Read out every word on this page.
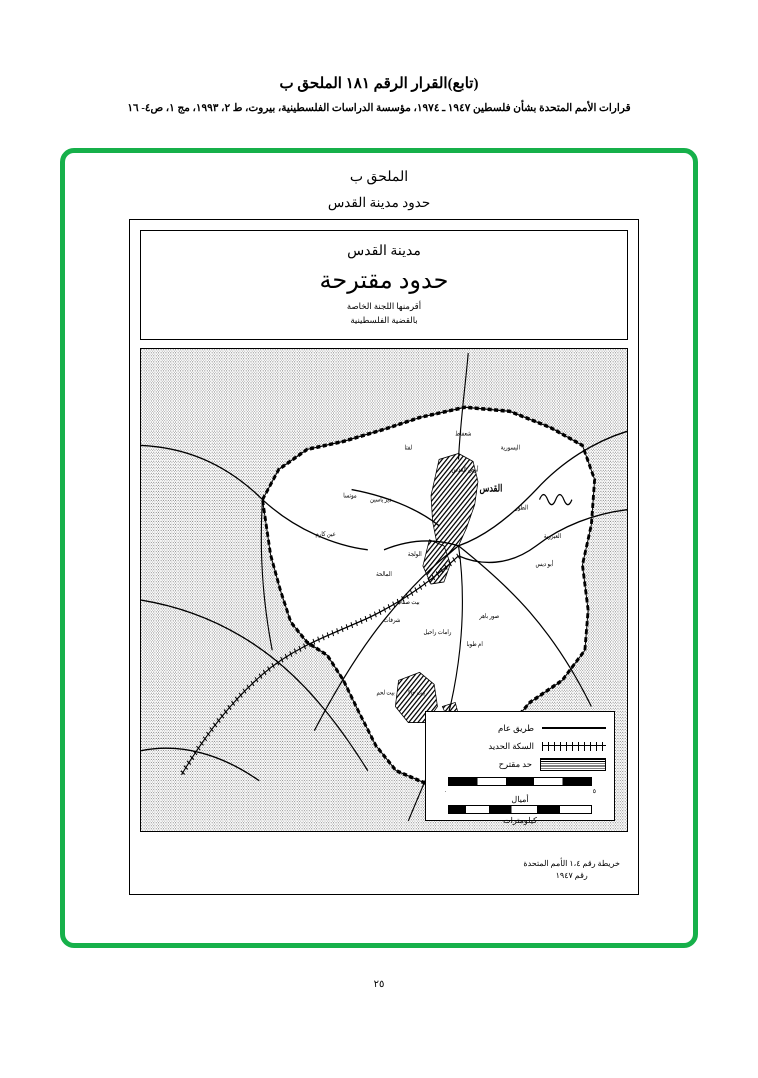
(تابع)القرار الرقم ١٨١ الملحق ب
قرارات الأمم المتحدة بشأن فلسطين ١٩٤٧ ـ ١٩٧٤، مؤسسة الدراسات الفلسطينية، بيروت، ط ٢، ١٩٩٣، مج ١، ص٤- ١٦
الملحق ب
حدود مدينة القدس
مدينة القدس
حدود مقترحة
أقرمنها اللجنة الخاصة
بالقضية الفلسطينية
القدس
أرض القدس
شعفاط
لفتا	اليسورية
الطور
العيزرية
أبو ديس
موتسا
دير ياسين
عين كارم
الولجة
المالحة
بيت صفافا
شرفات
صور باهر
رامات راحيل
ام طوبا
بيت جالا
بيت لحم
طريق عام
السكة الحديد
حد مقترح
٥
٠
أميال
كيلومترات
خريطة رقم ١،٤ الأمم المتحدة
رقم ١٩٤٧
٢٥
